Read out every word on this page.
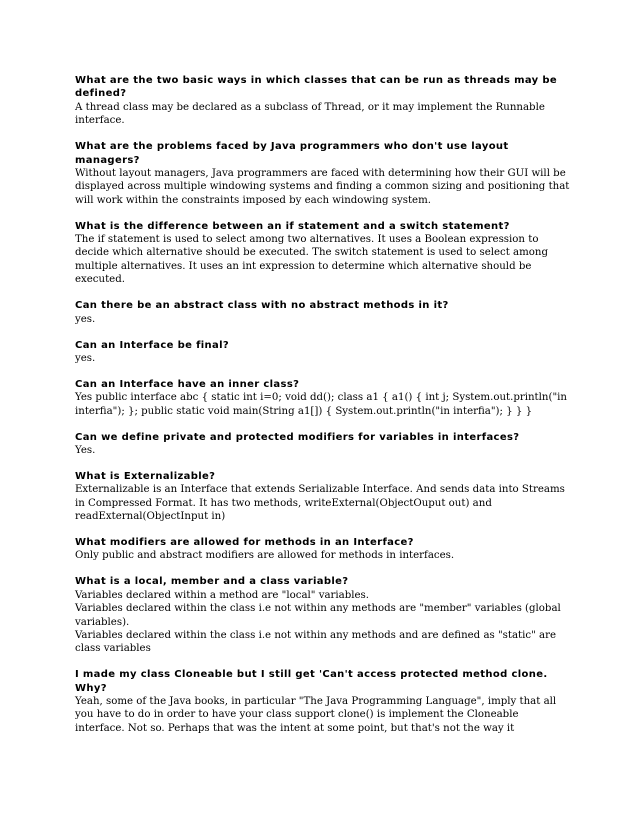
What are the two basic ways in which classes that can be run as threads may be defined?

A thread class may be declared as a subclass of Thread, or it may implement the Runnable interface.

What are the problems faced by Java programmers who don't use layout managers?

Without layout managers, Java programmers are faced with determining how their GUI will be displayed across multiple windowing systems and finding a common sizing and positioning that will work within the constraints imposed by each windowing system.

What is the difference between an if statement and a switch statement?

The if statement is used to select among two alternatives. It uses a Boolean expression to decide which alternative should be executed. The switch statement is used to select among multiple alternatives. It uses an int expression to determine which alternative should be executed.

Can there be an abstract class with no abstract methods in it?

yes.

Can an Interface be final?

yes.

Can an Interface have an inner class?

Yes public interface abc { static int i=0; void dd(); class a1 { a1() { int j; System.out.println("in interfia"); }; public static void main(String a1[]) { System.out.println("in interfia"); } } }

Can we define private and protected modifiers for variables in interfaces?

Yes.

What is Externalizable?

Externalizable is an Interface that extends Serializable Interface. And sends data into Streams in Compressed Format. It has two methods, writeExternal(ObjectOuput out) and readExternal(ObjectInput in)

What modifiers are allowed for methods in an Interface?

Only public and abstract modifiers are allowed for methods in interfaces.

What is a local, member and a class variable?

Variables declared within a method are "local" variables.

Variables declared within the class i.e not within any methods are "member" variables (global variables).

Variables declared within the class i.e not within any methods and are defined as "static" are class variables

I made my class Cloneable but I still get 'Can't access protected method clone. Why?

Yeah, some of the Java books, in particular "The Java Programming Language", imply that all you have to do in order to have your class support clone() is implement the Cloneable interface. Not so. Perhaps that was the intent at some point, but that's not the way it
